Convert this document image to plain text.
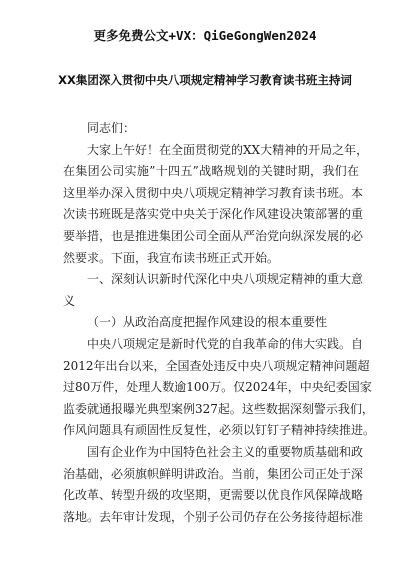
更多免费公文+VX：QiGeGongWen2024
XX集团深入贯彻中央八项规定精神学习教育读书班主持词
同志们：
大家上午好！在全面贯彻党的XX大精神的开局之年，
在集团公司实施”十四五”战略规划的关键时期，我们在
这里举办深入贯彻中央八项规定精神学习教育读书班。本
次读书班既是落实党中央关于深化作风建设决策部署的重
要举措，也是推进集团公司全面从严治党向纵深发展的必
然要求。下面，我宣布读书班正式开始。
一、深刻认识新时代深化中央八项规定精神的重大意
义
（一）从政治高度把握作风建设的根本重要性
中央八项规定是新时代党的自我革命的伟大实践。自
2012年出台以来，全国查处违反中央八项规定精神问题超
过80万件，处理人数逾100万。仅2024年，中央纪委国家
监委就通报曝光典型案例327起。这些数据深刻警示我们，
作风问题具有顽固性反复性，必须以钉钉子精神持续推进。
国有企业作为中国特色社会主义的重要物质基础和政
治基础，必须旗帜鲜明讲政治。当前，集团公司正处于深
化改革、转型升级的攻坚期，更需要以优良作风保障战略
落地。去年审计发现，个别子公司仍存在公务接待超标准
